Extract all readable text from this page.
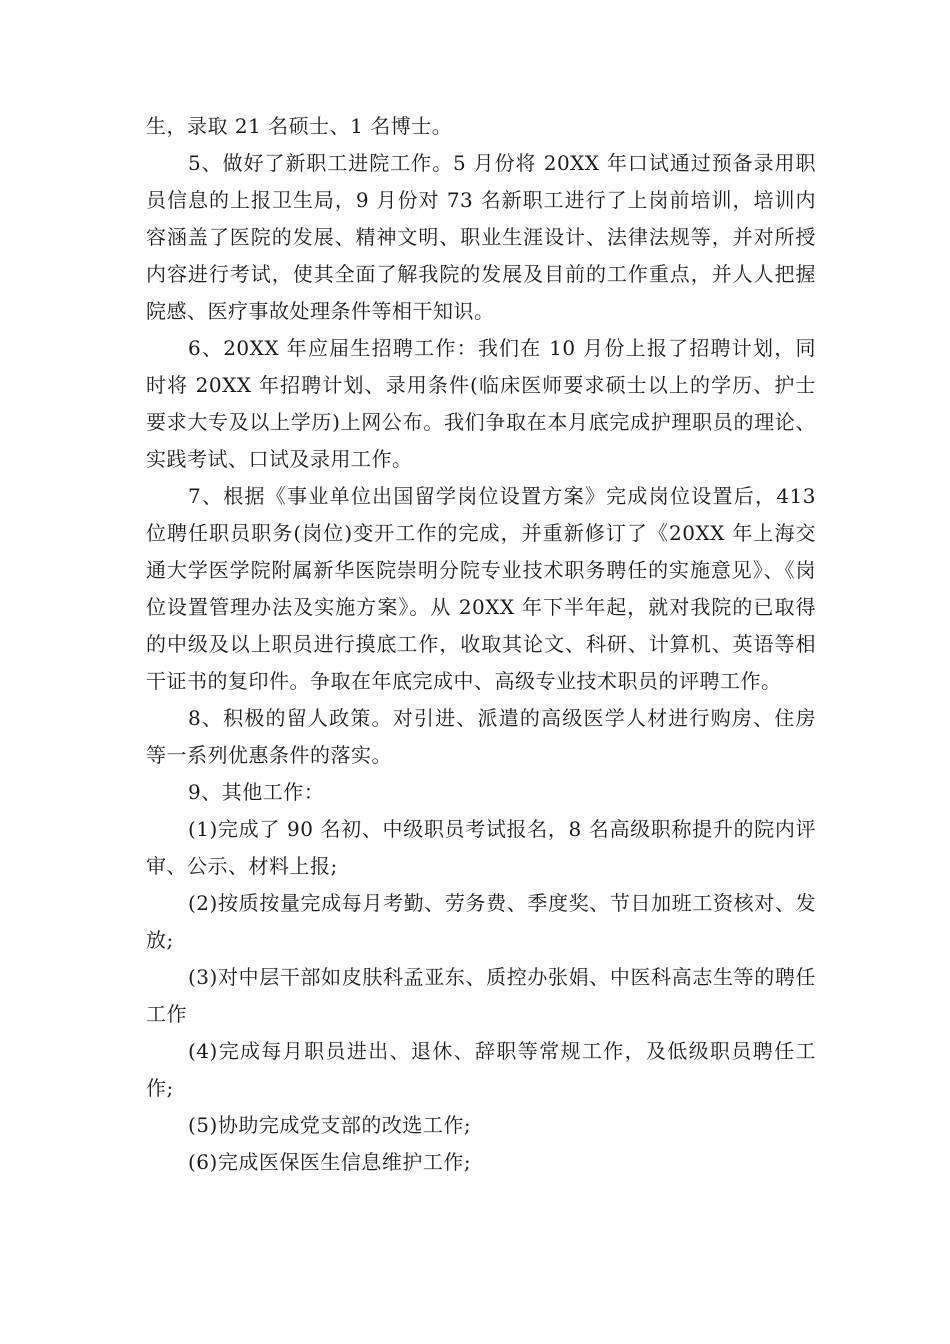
生，录取 21 名硕士、1 名博士。

5、做好了新职工进院工作。5 月份将 20XX 年口试通过预备录用职员信息的上报卫生局，9 月份对 73 名新职工进行了上岗前培训，培训内容涵盖了医院的发展、精神文明、职业生涯设计、法律法规等，并对所授内容进行考试，使其全面了解我院的发展及目前的工作重点，并人人把握院感、医疗事故处理条件等相干知识。

6、20XX 年应届生招聘工作：我们在 10 月份上报了招聘计划，同时将 20XX 年招聘计划、录用条件(临床医师要求硕士以上的学历、护士要求大专及以上学历)上网公布。我们争取在本月底完成护理职员的理论、实践考试、口试及录用工作。

7、根据《事业单位出国留学岗位设置方案》完成岗位设置后，413 位聘任职员职务(岗位)变开工作的完成，并重新修订了《20XX 年上海交通大学医学院附属新华医院崇明分院专业技术职务聘任的实施意见》、《岗位设置管理办法及实施方案》。从 20XX 年下半年起，就对我院的已取得的中级及以上职员进行摸底工作，收取其论文、科研、计算机、英语等相干证书的复印件。争取在年底完成中、高级专业技术职员的评聘工作。

8、积极的留人政策。对引进、派遣的高级医学人材进行购房、住房等一系列优惠条件的落实。

9、其他工作：

(1)完成了 90 名初、中级职员考试报名，8 名高级职称提升的院内评审、公示、材料上报;

(2)按质按量完成每月考勤、劳务费、季度奖、节日加班工资核对、发放;

(3)对中层干部如皮肤科孟亚东、质控办张娟、中医科高志生等的聘任工作

(4)完成每月职员进出、退休、辞职等常规工作，及低级职员聘任工作;

(5)协助完成党支部的改选工作;

(6)完成医保医生信息维护工作;
